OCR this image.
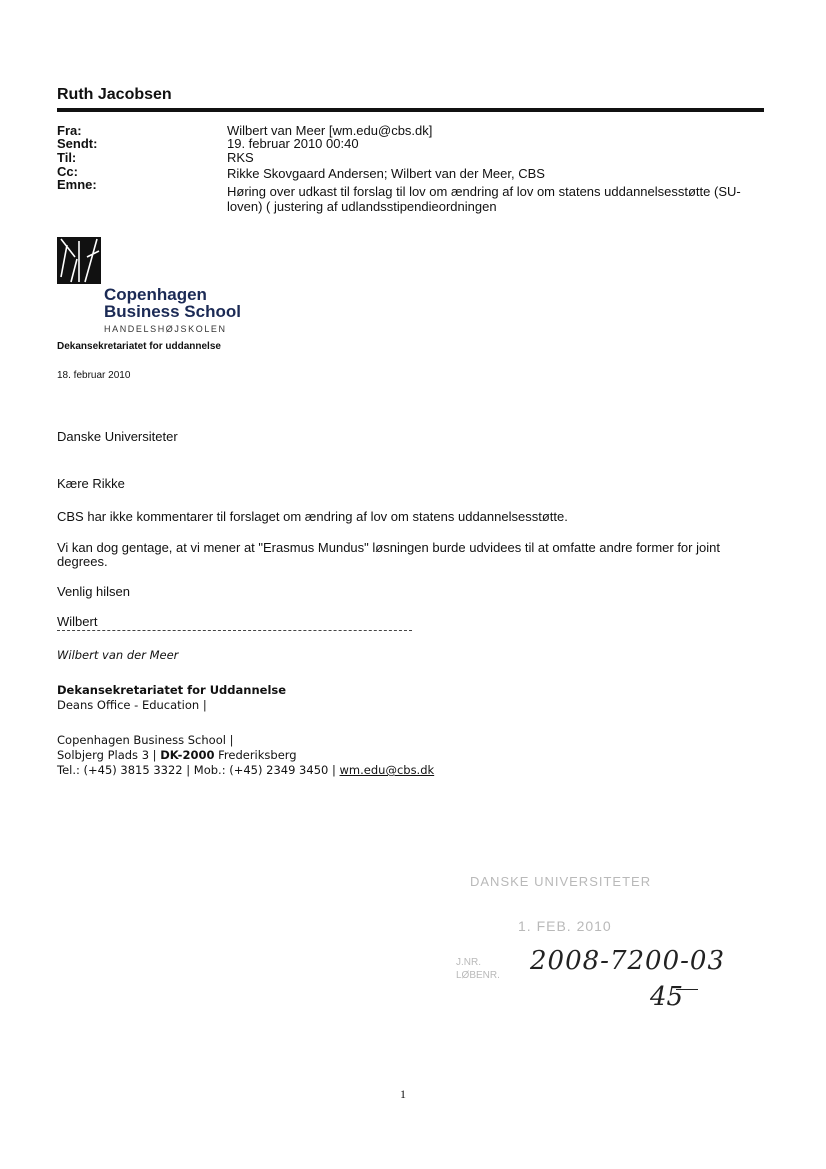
Ruth Jacobsen
Fra:	Wilbert van Meer [wm.edu@cbs.dk]
Sendt:	19. februar 2010 00:40
Til:	RKS
Cc:	Rikke Skovgaard Andersen; Wilbert van der Meer, CBS
Emne:	Høring over udkast til forslag til lov om ændring af lov om statens uddannelsesstøtte (SU-loven) ( justering af udlandsstipendieordningen
Copenhagen
Business School
HANDELSHØJSKOLEN
Dekansekretariatet for uddannelse
18. februar 2010
Danske Universiteter
Kære Rikke
CBS har ikke kommentarer til forslaget om ændring af lov om statens uddannelsesstøtte.
Vi kan dog gentage, at vi mener at "Erasmus Mundus" løsningen burde udvidees til at omfatte andre former for joint degrees.
Venlig hilsen
Wilbert
Wilbert van der Meer
Dekansekretariatet for Uddannelse
Deans Office - Education |
Copenhagen Business School |
Solbjerg Plads 3 | DK-2000 Frederiksberg
Tel.: (+45) 3815 3322 | Mob.: (+45) 2349 3450 | wm.edu@cbs.dk
DANSKE UNIVERSITETER
1. FEB. 2010
J.NR.
LØBENR. 2008-7200-03
45
1
